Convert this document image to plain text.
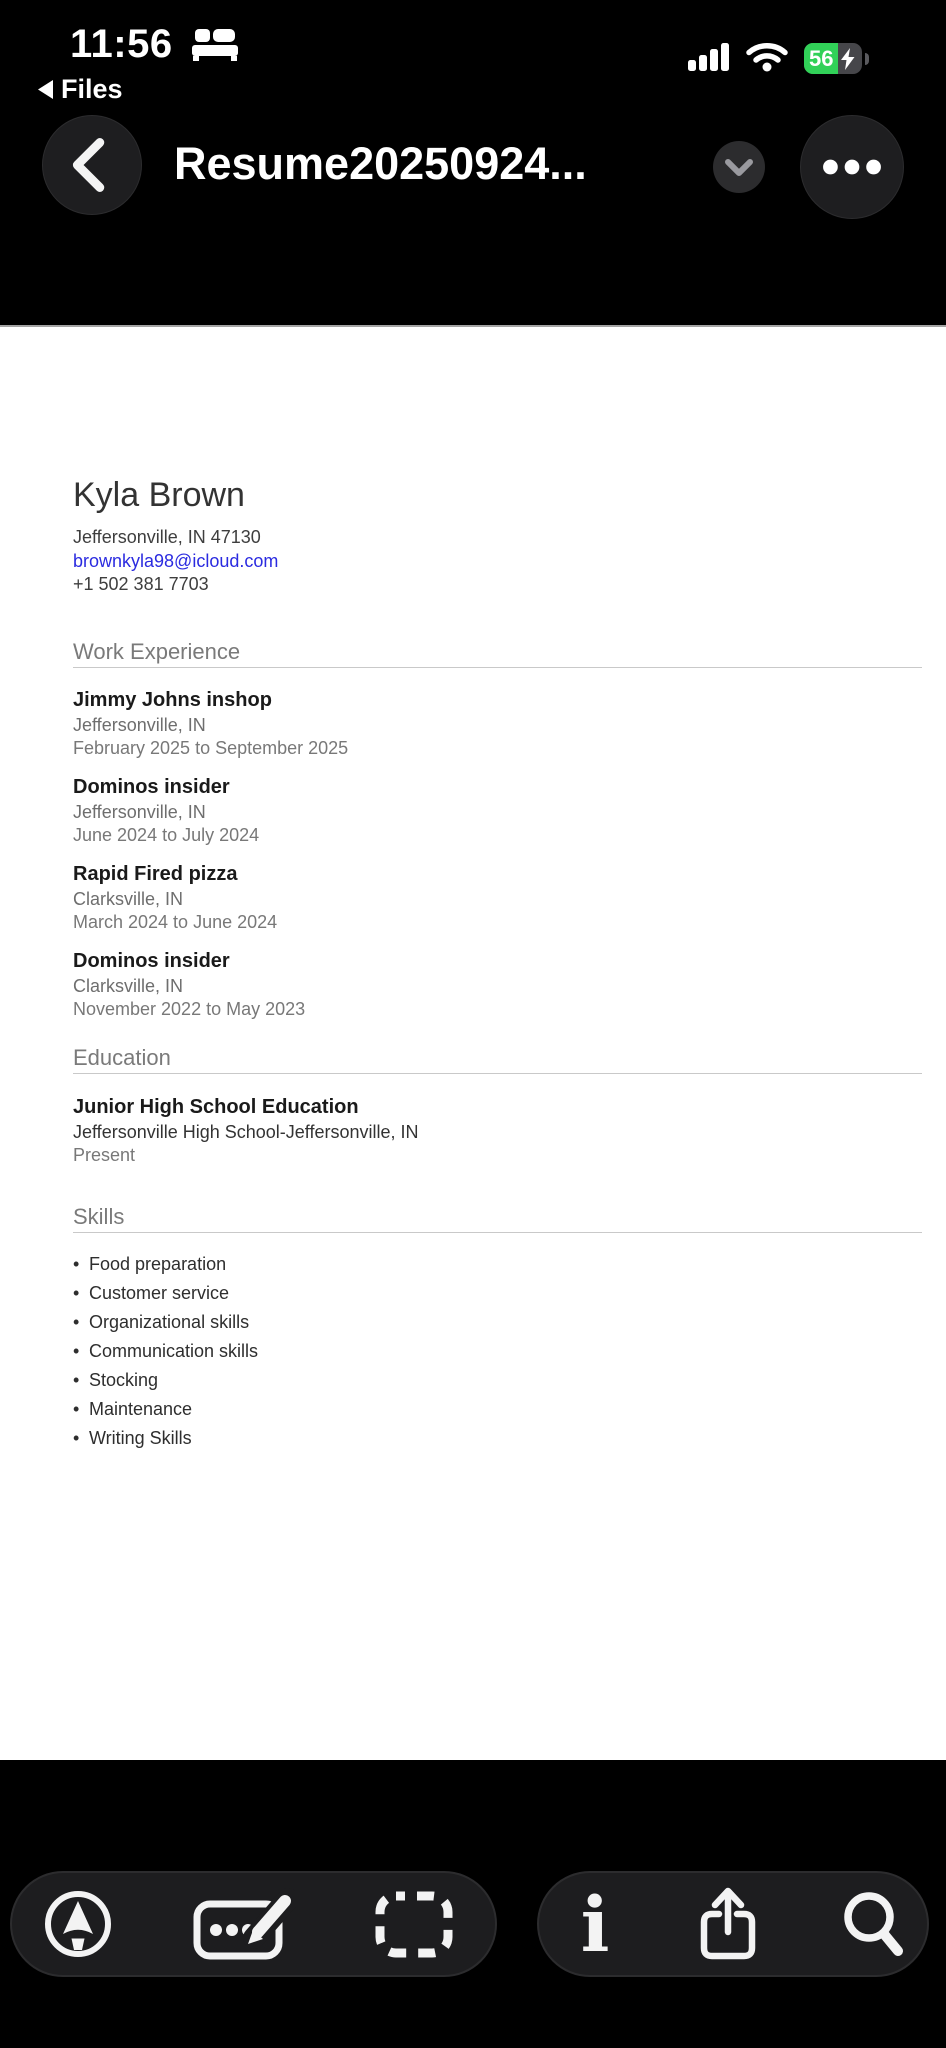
11:56	56
Files
Resume20250924...
Kyla Brown
Jeffersonville, IN 47130
brownkyla98@icloud.com
+1 502 381 7703
Work Experience
Jimmy Johns inshop
Jeffersonville, IN
February 2025 to September 2025
Dominos insider
Jeffersonville, IN
June 2024 to July 2024
Rapid Fired pizza
Clarksville, IN
March 2024 to June 2024
Dominos insider
Clarksville, IN
November 2022 to May 2023
Education
Junior High School Education
Jeffersonville High School-Jeffersonville, IN
Present
Skills
• Food preparation
• Customer service
• Organizational skills
• Communication skills
• Stocking
• Maintenance
• Writing Skills
i
